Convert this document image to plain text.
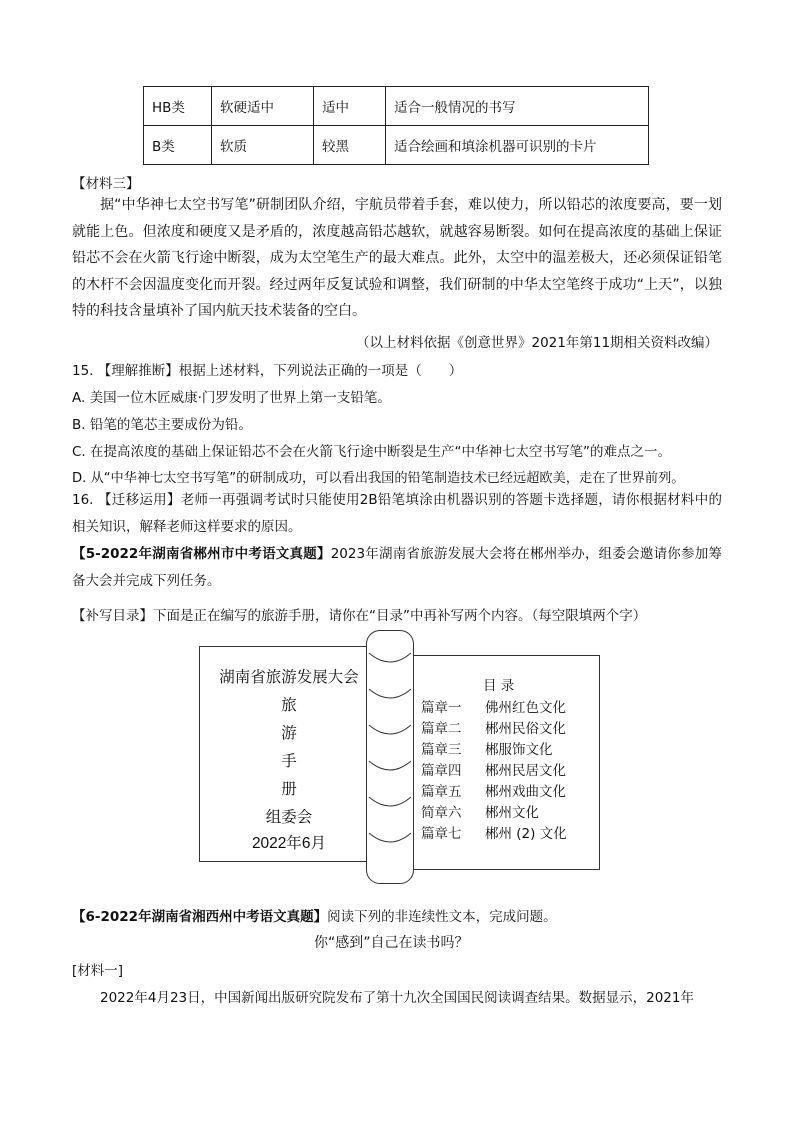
HB类	软硬适中	适中	适合一般情况的书写
B类	软质	较黑	适合绘画和填涂机器可识别的卡片
【材料三】
据“中华神七太空书写笔”研制团队介绍，宇航员带着手套，难以使力，所以铅芯的浓度要高，要一划就能上色。但浓度和硬度又是矛盾的，浓度越高铅芯越软，就越容易断裂。如何在提高浓度的基础上保证铅芯不会在火箭飞行途中断裂，成为太空笔生产的最大难点。此外，太空中的温差极大，还必须保证铅笔的木杆不会因温度变化而开裂。经过两年反复试验和调整，我们研制的中华太空笔终于成功“上天”，以独特的科技含量填补了国内航天技术装备的空白。
（以上材料依据《创意世界》2021年第11期相关资料改编）
15. 【理解推断】根据上述材料，下列说法正确的一项是（　　）
A. 美国一位木匠威康·门罗发明了世界上第一支铅笔。
B. 铅笔的笔芯主要成份为铅。
C. 在提高浓度的基础上保证铅芯不会在火箭飞行途中断裂是生产“中华神七太空书写笔”的难点之一。
D. 从“中华神七太空书写笔”的研制成功，可以看出我国的铅笔制造技术已经远超欧美，走在了世界前列。
16. 【迁移运用】老师一再强调考试时只能使用2B铅笔填涂由机器识别的答题卡选择题，请你根据材料中的相关知识，解释老师这样要求的原因。
【5-2022年湖南省郴州市中考语文真题】2023年湖南省旅游发展大会将在郴州举办，组委会邀请你参加筹备大会并完成下列任务。
【补写目录】下面是正在编写的旅游手册，请你在“目录”中再补写两个内容。（每空限填两个字）
目 录
篇章一 佛州红色文化
篇章二 郴州民俗文化
篇章三 郴服饰文化
篇章四 郴州民居文化
篇章五 郴州戏曲文化
简章六 郴州文化
篇章七 郴州 (2) 文化
湖南省旅游发展大会
旅
游
手
册
组委会
2022年6月
【6-2022年湖南省湘西州中考语文真题】阅读下列的非连续性文本，完成问题。
你“感到”自己在读书吗？
[材料一]
2022年4月23日，中国新闻出版研究院发布了第十九次全国国民阅读调查结果。数据显示，2021年
